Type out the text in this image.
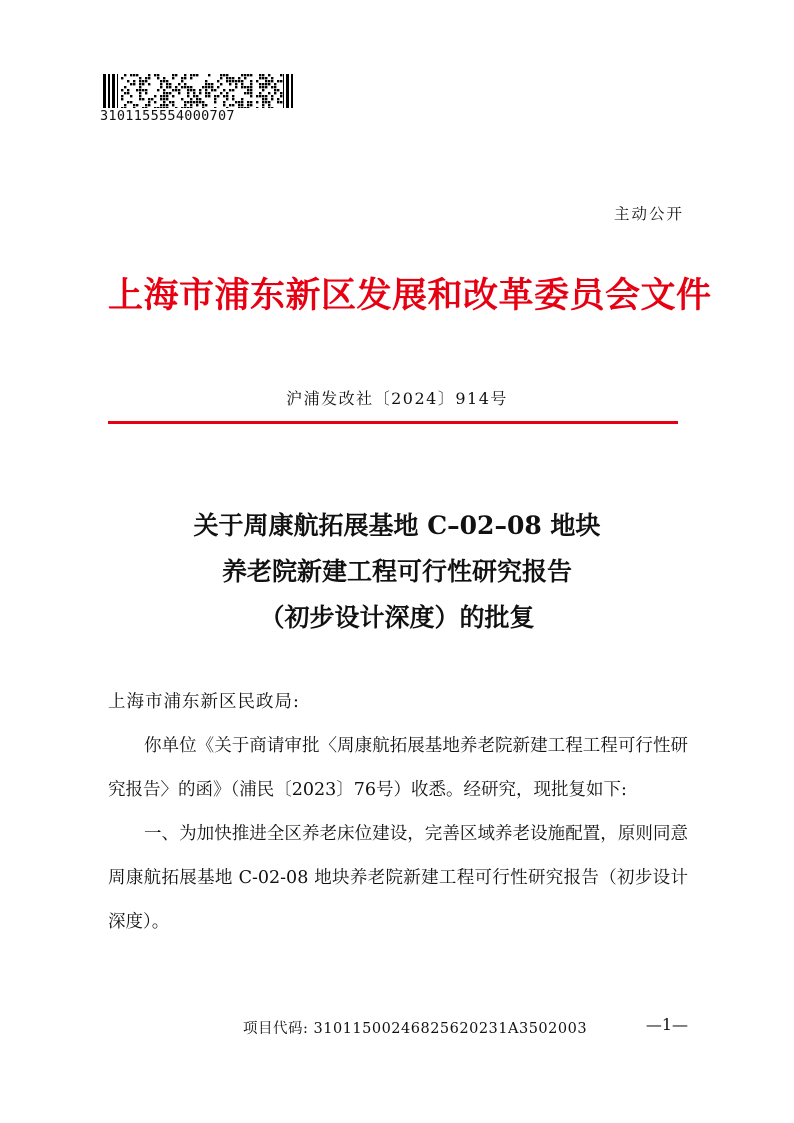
3101155554000707
主动公开
上海市浦东新区发展和改革委员会文件
沪浦发改社〔2024〕914号
关于周康航拓展基地 C–02–08 地块
养老院新建工程可行性研究报告
（初步设计深度）的批复

上海市浦东新区民政局:

你单位《关于商请审批〈周康航拓展基地养老院新建工程工程可行性研究报告〉的函》（浦民〔2023〕76号）收悉。经研究，现批复如下:

一、为加快推进全区养老床位建设，完善区域养老设施配置，原则同意周康航拓展基地 C-02-08 地块养老院新建工程可行性研究报告（初步设计深度）。

项目代码: 31011500246825620231A3502003	—1—
